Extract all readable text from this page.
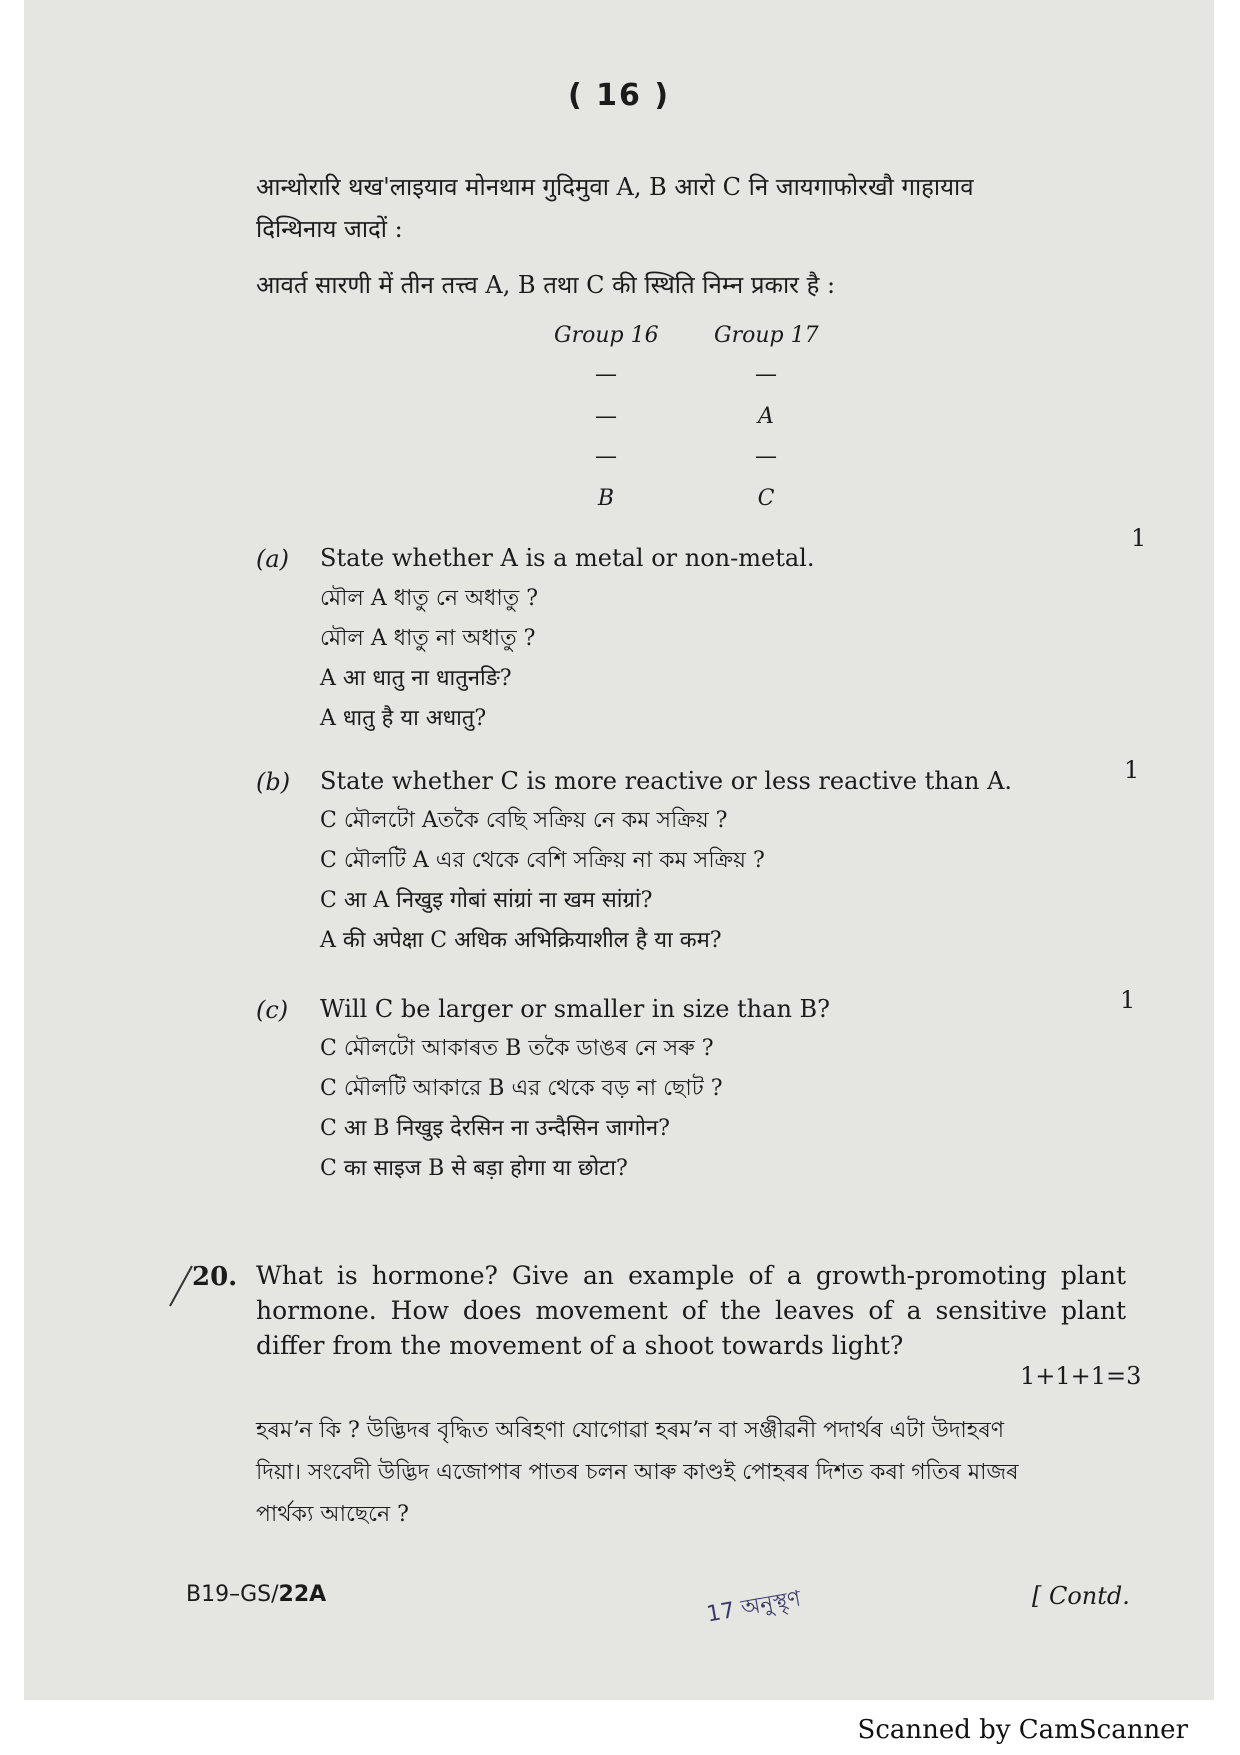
( 16 )
आन्थोरारि थख'लाइयाव मोनथाम गुदिमुवा A, B आरो C नि जायगाफोरखौ गाहायाव
दिन्थिनाय जादों :
आवर्त सारणी में तीन तत्त्व A, B तथा C की स्थिति निम्न प्रकार है :
Group 16	Group 17
—	—
—	A
—	—
B	C
(a) State whether A is a metal or non-metal.
1
মৌল A ধাতু নে অধাতু ?
মৌল A ধাতু না অধাতু ?
A आ धातु ना धातुनङि?
A धातु है या अधातु?
(b) State whether C is more reactive or less reactive than A.	1
C মৌলটো Aতকৈ বেছি সক্ৰিয় নে কম সক্ৰিয় ?
C মৌলটি A এর থেকে বেশি সক্রিয় না কম সক্রিয় ?
C आ A निखुइ गोबां सांग्रां ना खम सांग्रां?
A की अपेक्षा C अधिक अभिक्रियाशील है या कम?
(c) Will C be larger or smaller in size than B?	1
C মৌলটো আকাৰত B তকৈ ডাঙৰ নে সৰু ?
C মৌলটি আকারে B এর থেকে বড় না ছোট ?
C आ B निखुइ देरसिन ना उन्दैसिन जागोन?
C का साइज B से बड़ा होगा या छोटा?
20. What is hormone? Give an example of a growth-promoting plant hormone. How does movement of the leaves of a sensitive plant differ from the movement of a shoot towards light?
1+1+1=3
হৰমʼন কি ? উদ্ভিদৰ বৃদ্ধিত অৰিহণা যোগোৱা হৰমʼন বা সঞ্জীৱনী পদাৰ্থৰ এটা উদাহৰণ
দিয়া। সংবেদী উদ্ভিদ এজোপাৰ পাতৰ চলন আৰু কাণ্ডই পোহৰৰ দিশত কৰা গতিৰ মাজৰ
পাৰ্থক্য আছেনে ?
B19–GS/22A	17 অনুস্থৃণ	[ Contd.
Scanned by CamScanner
